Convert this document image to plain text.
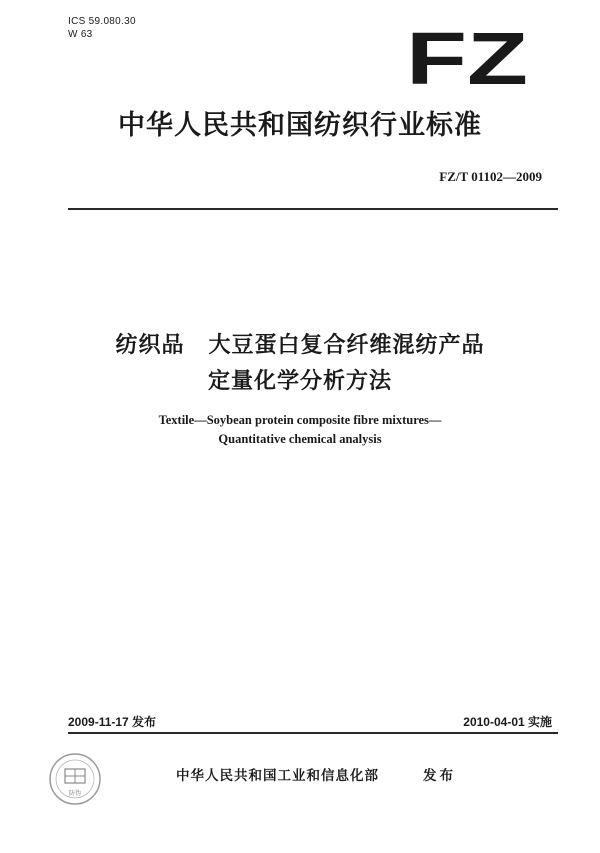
ICS 59.080.30
W 63	FZ
中华人民共和国纺织行业标准
FZ/T 01102—2009
纺织品 大豆蛋白复合纤维混纺产品
定量化学分析方法
Textile—Soybean protein composite fibre mixtures—
Quantitative chemical analysis
2009-11-17 发布	2010-04-01 实施
防伪
中华人民共和国工业和信息化部	发布
